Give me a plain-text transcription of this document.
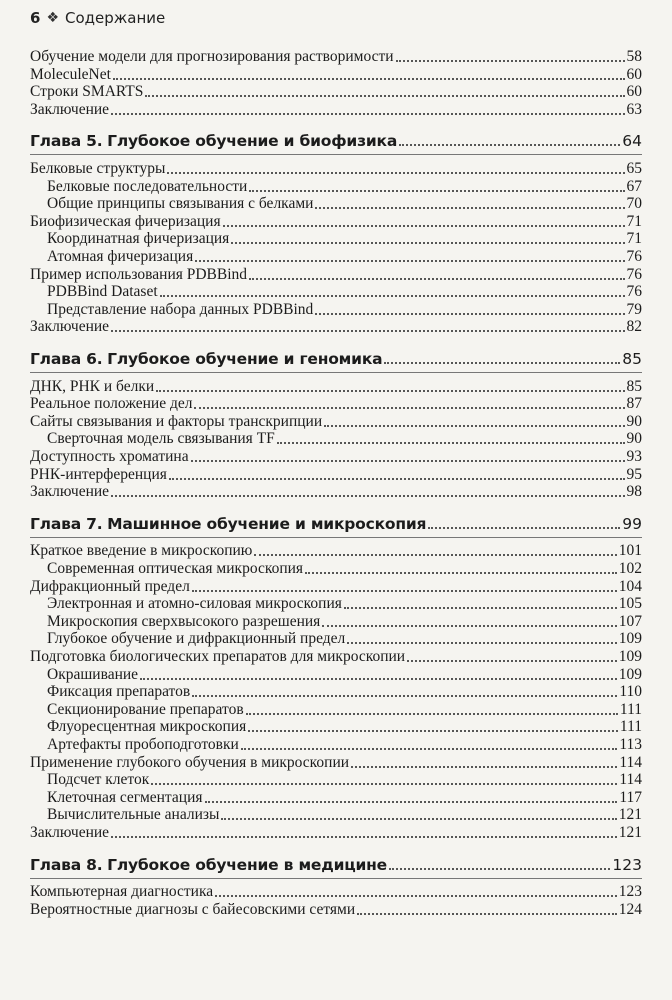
6 ❖ Содержание
Обучение модели для прогнозирования растворимости	58
MoleculeNet	60
Строки SMARTS	60
Заключение	63
Глава 5. Глубокое обучение и биофизика	64
Белковые структуры	65
Белковые последовательности	67
Общие принципы связывания с белками	70
Биофизическая фичеризация	71
Координатная фичеризация	71
Атомная фичеризация	76
Пример использования PDBBind	76
PDBBind Dataset	76
Представление набора данных PDBBind	79
Заключение	82
Глава 6. Глубокое обучение и геномика	85
ДНК, РНК и белки	85
Реальное положение дел	87
Сайты связывания и факторы транскрипции	90
Сверточная модель связывания TF	90
Доступность хроматина	93
РНК-интерференция	95
Заключение	98
Глава 7. Машинное обучение и микроскопия	99
Краткое введение в микроскопию	101
Современная оптическая микроскопия	102
Дифракционный предел	104
Электронная и атомно-силовая микроскопия	105
Микроскопия сверхвысокого разрешения	107
Глубокое обучение и дифракционный предел	109
Подготовка биологических препаратов для микроскопии	109
Окрашивание	109
Фиксация препаратов	110
Секционирование препаратов	111
Флуоресцентная микроскопия	111
Артефакты пробоподготовки	113
Применение глубокого обучения в микроскопии	114
Подсчет клеток	114
Клеточная сегментация	117
Вычислительные анализы	121
Заключение	121
Глава 8. Глубокое обучение в медицине	123
Компьютерная диагностика	123
Вероятностные диагнозы с байесовскими сетями	124
